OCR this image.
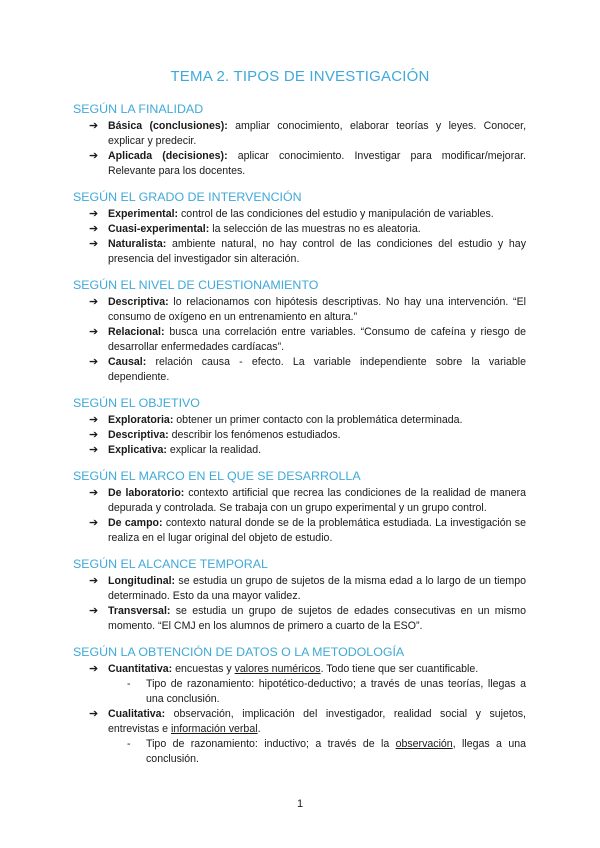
TEMA 2. TIPOS DE INVESTIGACIÓN
SEGÚN LA FINALIDAD
➔ Básica (conclusiones): ampliar conocimiento, elaborar teorías y leyes. Conocer, explicar y predecir.
➔ Aplicada (decisiones): aplicar conocimiento. Investigar para modificar/mejorar. Relevante para los docentes.
SEGÚN EL GRADO DE INTERVENCIÓN
➔ Experimental: control de las condiciones del estudio y manipulación de variables.
➔ Cuasi-experimental: la selección de las muestras no es aleatoria.
➔ Naturalista: ambiente natural, no hay control de las condiciones del estudio y hay presencia del investigador sin alteración.
SEGÚN EL NIVEL DE CUESTIONAMIENTO
➔ Descriptiva: lo relacionamos con hipótesis descriptivas. No hay una intervención. “El consumo de oxígeno en un entrenamiento en altura.”
➔ Relacional: busca una correlación entre variables. “Consumo de cafeína y riesgo de desarrollar enfermedades cardíacas”.
➔ Causal: relación causa - efecto. La variable independiente sobre la variable dependiente.
SEGÚN EL OBJETIVO
➔ Exploratoria: obtener un primer contacto con la problemática determinada.
➔ Descriptiva: describir los fenómenos estudiados.
➔ Explicativa: explicar la realidad.
SEGÚN EL MARCO EN EL QUE SE DESARROLLA
➔ De laboratorio: contexto artificial que recrea las condiciones de la realidad de manera depurada y controlada. Se trabaja con un grupo experimental y un grupo control.
➔ De campo: contexto natural donde se de la problemática estudiada. La investigación se realiza en el lugar original del objeto de estudio.
SEGÚN EL ALCANCE TEMPORAL
➔ Longitudinal: se estudia un grupo de sujetos de la misma edad a lo largo de un tiempo determinado. Esto da una mayor validez.
➔ Transversal: se estudia un grupo de sujetos de edades consecutivas en un mismo momento. “El CMJ en los alumnos de primero a cuarto de la ESO”.
SEGÚN LA OBTENCIÓN DE DATOS O LA METODOLOGÍA
➔ Cuantitativa: encuestas y valores numéricos. Todo tiene que ser cuantificable.
- Tipo de razonamiento: hipotético-deductivo; a través de unas teorías, llegas a una conclusión.
➔ Cualitativa: observación, implicación del investigador, realidad social y sujetos, entrevistas e información verbal.
- Tipo de razonamiento: inductivo; a través de la observación, llegas a una conclusión.
1
